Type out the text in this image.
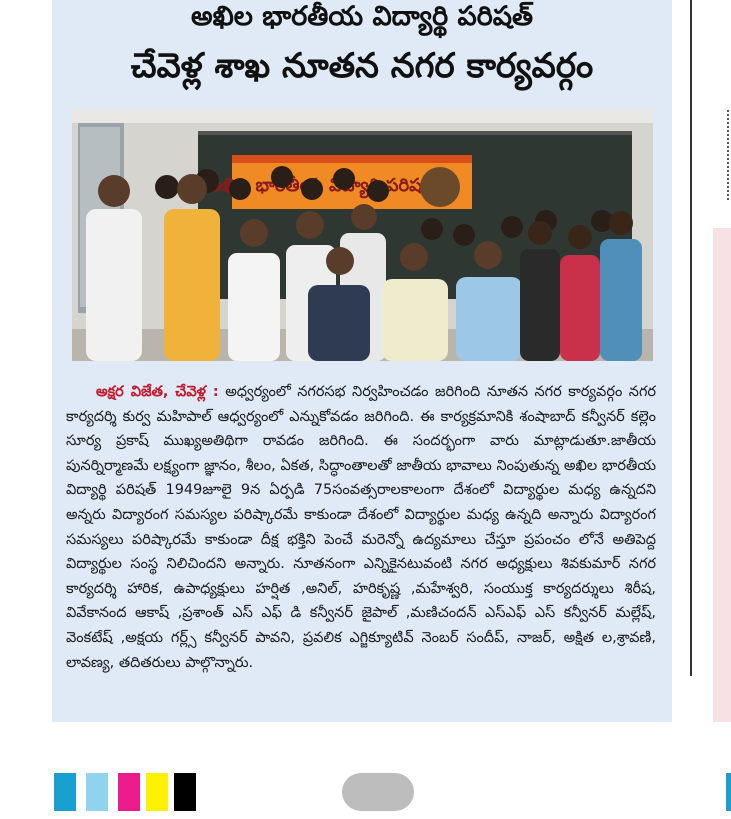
అఖిల భారతీయ విద్యార్థి పరిషత్
చేవెళ్ల శాఖ నూతన నగర కార్యవర్గం
అఖిల భారతీయ విద్యార్థి పరిషత్
అక్షర విజేత, చేవెళ్ల : అధ్వర్యంలో నగరసభ నిర్వహించడం జరిగింది నూతన నగర కార్యవర్గం నగర కార్యదర్శి కుర్వ మహిపాల్ ఆధ్వర్యంలో ఎన్నుకోవడం జరిగింది. ఈ కార్యక్రమానికి శంషాబాద్ కన్వీనర్ కల్లెం సూర్య ప్రకాష్ ముఖ్యఅతిథిగా రావడం జరిగింది. ఈ సందర్భంగా వారు మాట్లాడుతూ.జాతీయ పునర్నిర్మాణమే లక్ష్యంగా జ్ఞానం, శీలం, ఏకత, సిద్ధాంతాలతో జాతీయ భావాలు నింపుతున్న అఖిల భారతీయ విద్యార్థి పరిషత్ 1949జూలై 9న ఏర్పడి 75సంవత్సరాలకాలంగా దేశంలో విద్యార్థుల మధ్య ఉన్నదని అన్నరు విద్యారంగ సమస్యల పరిష్కారమే కాకుండా దేశంలో విద్యార్థుల మధ్య ఉన్నది అన్నారు విద్యారంగ సమస్యలు పరిష్కారమే కాకుండా దీక్ష భక్తిని పెంచే మరెన్నో ఉద్యమాలు చేస్తూ ప్రపంచం లోనే అతిపెద్ద విద్యార్థుల సంస్థ నిలిచిందని అన్నారు. నూతనంగా ఎన్నికైనటువంటి నగర అధ్యక్షులు శివకుమార్ నగర కార్యదర్శి హారిక, ఉపాధ్యక్షులు హర్షిత ,అనిల్, హరికృష్ణ ,మహేశ్వరి, సంయుక్త కార్యదర్శులు శిరీష, వివేకానంద ఆకాష్ ,ప్రశాంత్ ఎస్ ఎఫ్ డి కన్వీనర్ జైపాల్ ,మణిచందన్ ఎస్ఎఫ్ ఎస్ కన్వీనర్ మల్లేష్, వెంకటేష్ ,అక్షయ గర్ల్స్ కన్వీనర్ పావని, ప్రవలిక ఎగ్జిక్యూటివ్ నెంబర్ సందీప్, నాజర్, అక్షిత ల,శ్రావణి, లావణ్య, తదితరులు పాల్గొన్నారు.
